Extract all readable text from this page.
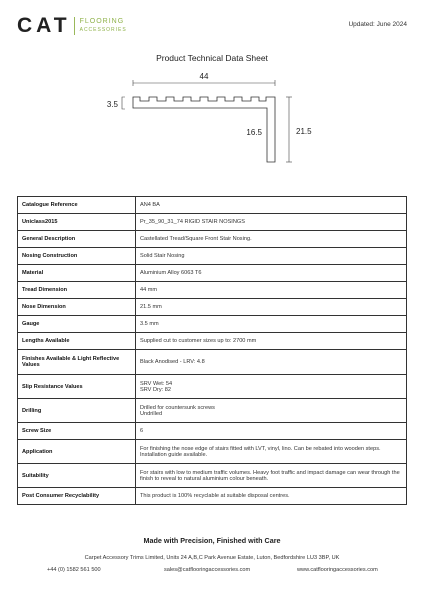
CAT FLOORING
ACCESSORIES
Updated: June 2024
Product Technical Data Sheet
44
3.5
16.5	21.5
Catalogue Reference	AN4 BA
Uniclass2015	Pr_35_90_31_74 RIGID STAIR NOSINGS
General Description	Castellated Tread/Square Front Stair Nosing.
Nosing Construction	Solid Stair Nosing
Material	Aluminium Alloy 6063 T6
Tread Dimension	44 mm
Nose Dimension	21.5 mm
Gauge	3.5 mm
Lengths Available	Supplied cut to customer sizes up to: 2700 mm
Finishes Available & Light Reflective Values	Black Anodised - LRV: 4.8
Slip Resistance Values	SRV Wet: 54
SRV Dry: 82
Drilling	Drilled for countersunk screws
Undrilled
Screw Size	6
Application	For finishing the nose edge of stairs fitted with LVT, vinyl, lino. Can be rebated into wooden steps. Installation guide available.
Suitability	For stairs with low to medium traffic volumes. Heavy foot traffic and impact damage can wear through the finish to reveal to natural aluminium colour beneath.
Post Consumer Recyclability	This product is 100% recyclable at suitable disposal centres.
Made with Precision, Finished with Care
Carpet Accessory Trims Limited, Units 24 A,B,C Park Avenue Estate, Luton, Bedfordshire LU3 3BP, UK
+44 (0) 1582 561 500	sales@catflooringaccessories.com	www.catflooringaccessories.com
